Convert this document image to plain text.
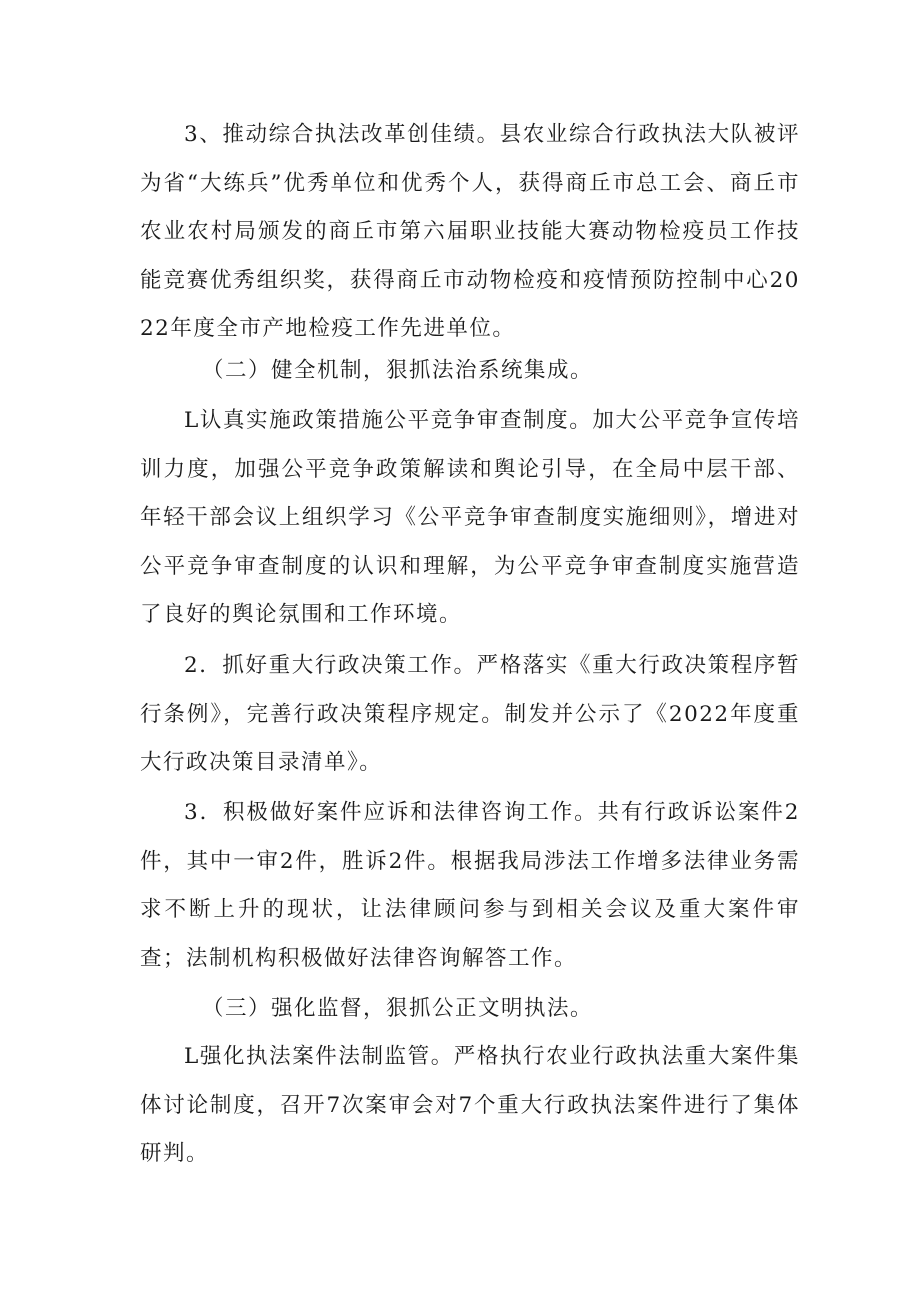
3、推动综合执法改革创佳绩。县农业综合行政执法大队被评为省“大练兵”优秀单位和优秀个人，获得商丘市总工会、商丘市农业农村局颁发的商丘市第六届职业技能大赛动物检疫员工作技能竞赛优秀组织奖，获得商丘市动物检疫和疫情预防控制中心2022年度全市产地检疫工作先进单位。

（二）健全机制，狠抓法治系统集成。

L认真实施政策措施公平竞争审查制度。加大公平竞争宣传培训力度，加强公平竞争政策解读和舆论引导，在全局中层干部、年轻干部会议上组织学习《公平竞争审查制度实施细则》，增进对公平竞争审查制度的认识和理解，为公平竞争审查制度实施营造了良好的舆论氛围和工作环境。

2．抓好重大行政决策工作。严格落实《重大行政决策程序暂行条例》，完善行政决策程序规定。制发并公示了《2022年度重大行政决策目录清单》。

3．积极做好案件应诉和法律咨询工作。共有行政诉讼案件2件，其中一审2件，胜诉2件。根据我局涉法工作增多法律业务需求不断上升的现状，让法律顾问参与到相关会议及重大案件审查；法制机构积极做好法律咨询解答工作。

（三）强化监督，狠抓公正文明执法。

L强化执法案件法制监管。严格执行农业行政执法重大案件集体讨论制度，召开7次案审会对7个重大行政执法案件进行了集体研判。
